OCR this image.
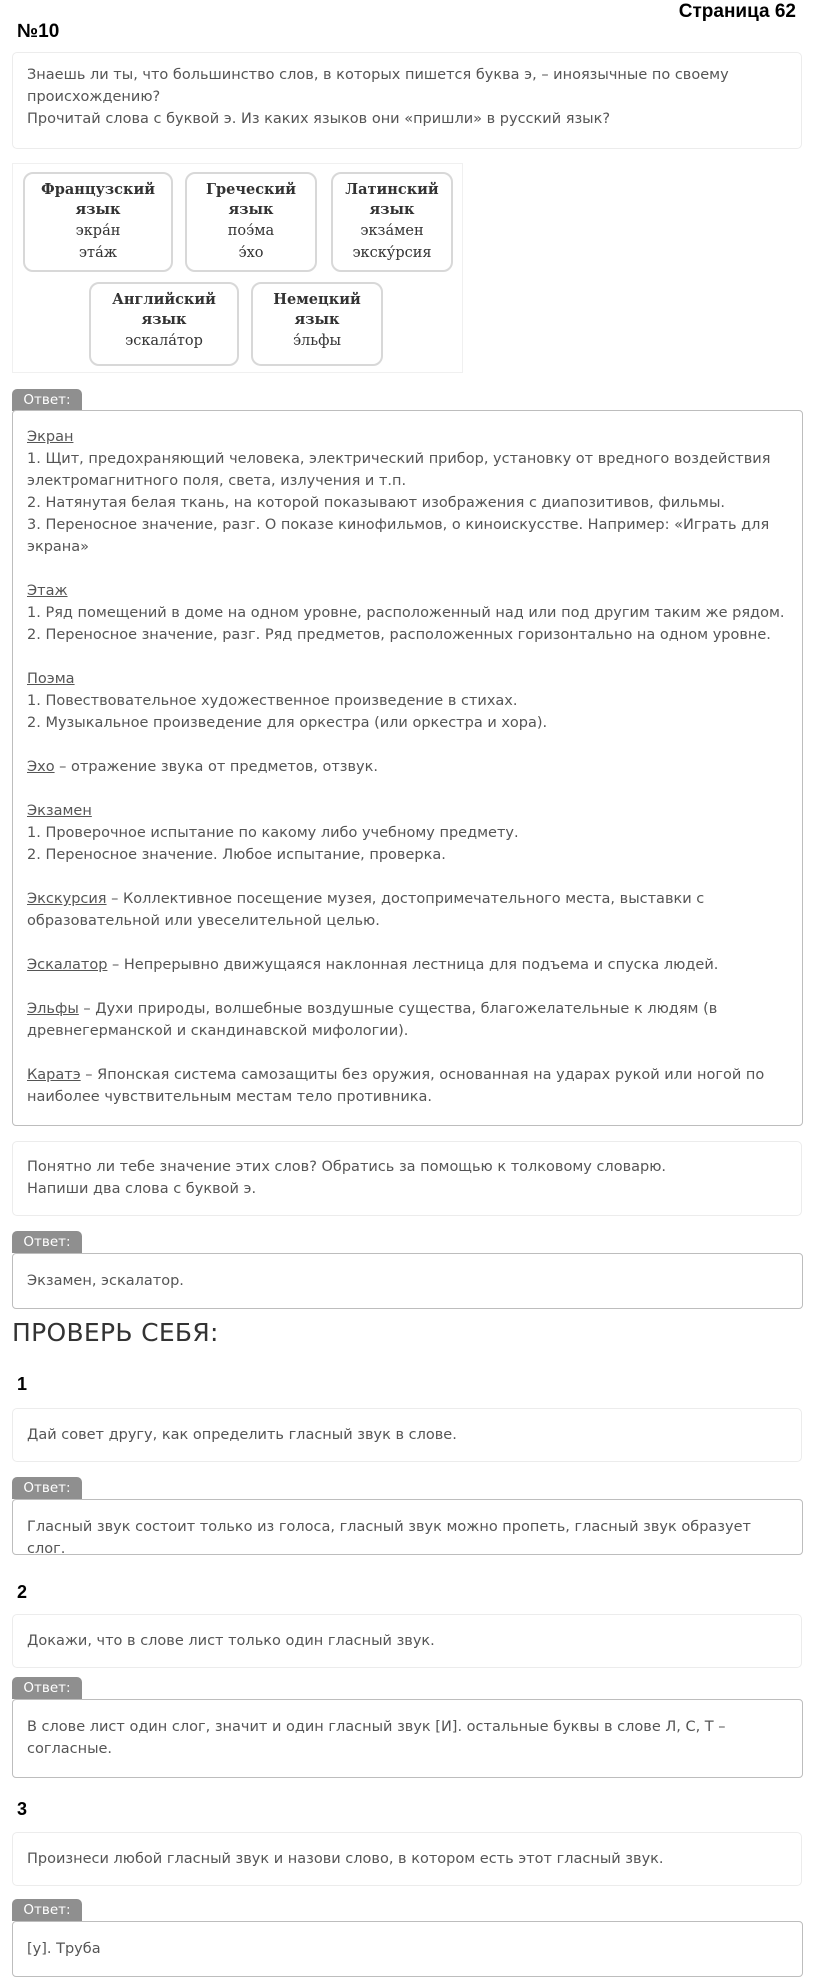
Страница 62
№10

Знаешь ли ты, что большинство слов, в которых пишется буква э, – иноязычные по своему

происхождению?

Прочитай слова с буквой э. Из каких языков они «пришли» в русский язык?

Французский
язык
экра́н
эта́ж
Греческий
язык
поэ́ма
э́хо
Латинский
язык
экза́мен
экску́рсия
Английский
язык
эскала́тор
Немецкий
язык
э́льфы
Ответ:

Экран

1. Щит, предохраняющий человека, электрический прибор, установку от вредного воздействия

электромагнитного поля, света, излучения и т.п.

2. Натянутая белая ткань, на которой показывают изображения с диапозитивов, фильмы.

3. Переносное значение, разг. О показе кинофильмов, о киноискусстве. Например: «Играть для

экрана»

Этаж

1. Ряд помещений в доме на одном уровне, расположенный над или под другим таким же рядом.

2. Переносное значение, разг. Ряд предметов, расположенных горизонтально на одном уровне.

Поэма

1. Повествовательное художественное произведение в стихах.

2. Музыкальное произведение для оркестра (или оркестра и хора).

Эхо – отражение звука от предметов, отзвук.

Экзамен

1. Проверочное испытание по какому либо учебному предмету.

2. Переносное значение. Любое испытание, проверка.

Экскурсия – Коллективное посещение музея, достопримечательного места, выставки с

образовательной или увеселительной целью.

Эскалатор – Непрерывно движущаяся наклонная лестница для подъема и спуска людей.

Эльфы – Духи природы, волшебные воздушные существа, благожелательные к людям (в

древнегерманской и скандинавской мифологии).

Каратэ – Японская система самозащиты без оружия, основанная на ударах рукой или ногой по

наиболее чувствительным местам тело противника.

Понятно ли тебе значение этих слов? Обратись за помощью к толковому словарю.

Напиши два слова с буквой э.

Ответ:

Экзамен, эскалатор.

ПРОВЕРЬ СЕБЯ:
1

Дай совет другу, как определить гласный звук в слове.

Ответ:

Гласный звук состоит только из голоса, гласный звук можно пропеть, гласный звук образует слог.

2

Докажи, что в слове лист только один гласный звук.

Ответ:

В слове лист один слог, значит и один гласный звук [И]. остальные буквы в слове Л, С, Т –

согласные.

3

Произнеси любой гласный звук и назови слово, в котором есть этот гласный звук.

Ответ:

[у]. Труба
